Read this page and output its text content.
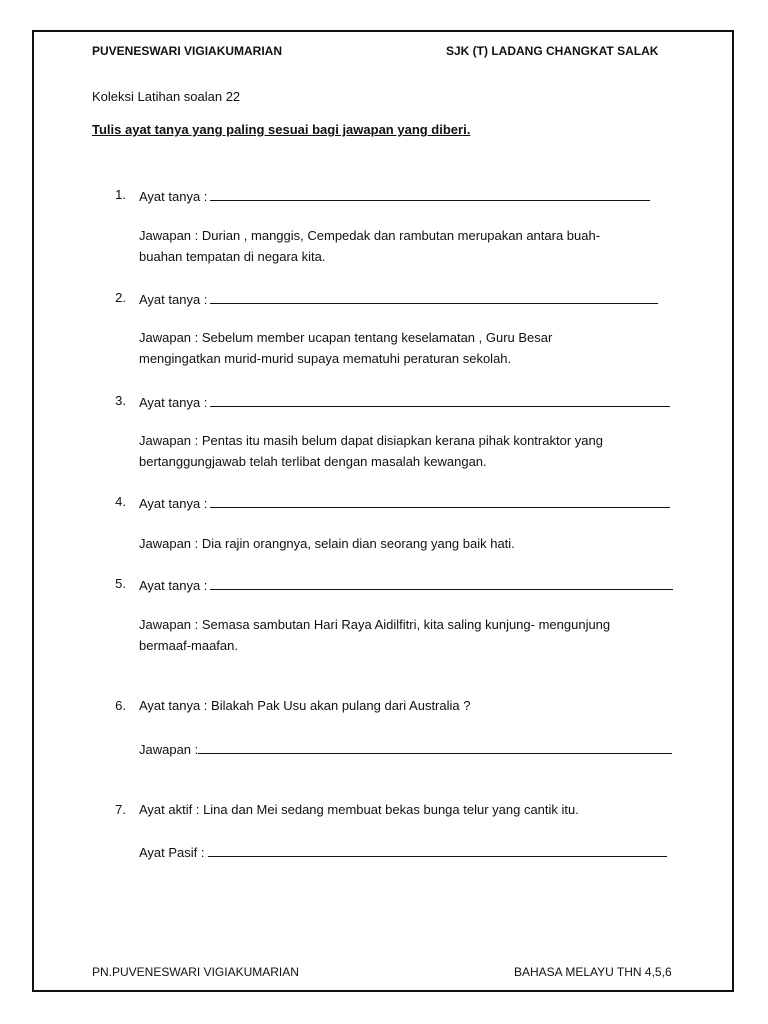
PUVENESWARI VIGIAKUMARIAN	SJK (T) LADANG CHANGKAT SALAK
Koleksi Latihan soalan 22
Tulis ayat tanya yang paling sesuai bagi jawapan yang diberi.
1. Ayat tanya :
Jawapan : Durian , manggis, Cempedak dan rambutan merupakan antara buah-
buahan tempatan di negara kita.
2. Ayat tanya :
Jawapan : Sebelum member ucapan tentang keselamatan , Guru Besar
mengingatkan murid-murid supaya mematuhi peraturan sekolah.
3. Ayat tanya :
Jawapan : Pentas itu masih belum dapat disiapkan kerana pihak kontraktor yang
bertanggungjawab telah terlibat dengan masalah kewangan.
4. Ayat tanya :
Jawapan : Dia rajin orangnya, selain dian seorang yang baik hati.
5. Ayat tanya :
Jawapan : Semasa sambutan Hari Raya Aidilfitri, kita saling kunjung- mengunjung
bermaaf-maafan.
6. Ayat tanya : Bilakah Pak Usu akan pulang dari Australia ?
Jawapan :
7. Ayat aktif : Lina dan Mei sedang membuat bekas bunga telur yang cantik itu.
Ayat Pasif :
PN.PUVENESWARI VIGIAKUMARIAN	BAHASA MELAYU THN 4,5,6
